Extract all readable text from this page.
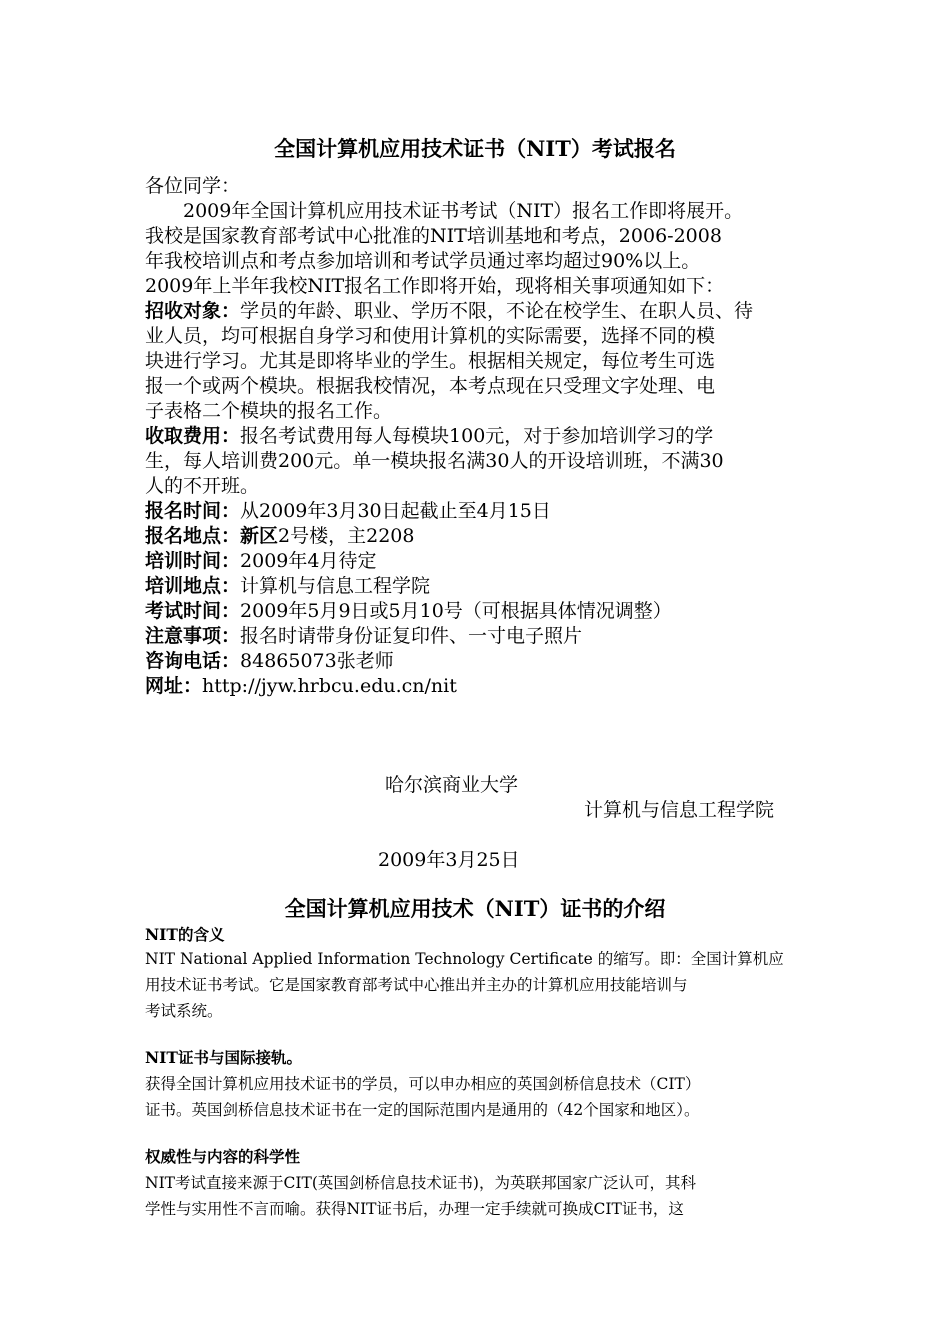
全国计算机应用技术证书（NIT）考试报名
各位同学：
　　2009年全国计算机应用技术证书考试（NIT）报名工作即将展开。
我校是国家教育部考试中心批准的NIT培训基地和考点，2006-2008
年我校培训点和考点参加培训和考试学员通过率均超过90%以上。
2009年上半年我校NIT报名工作即将开始，现将相关事项通知如下：
招收对象：学员的年龄、职业、学历不限，不论在校学生、在职人员、待
业人员，均可根据自身学习和使用计算机的实际需要，选择不同的模
块进行学习。尤其是即将毕业的学生。根据相关规定，每位考生可选
报一个或两个模块。根据我校情况，本考点现在只受理文字处理、电
子表格二个模块的报名工作。
收取费用：报名考试费用每人每模块100元，对于参加培训学习的学
生，每人培训费200元。单一模块报名满30人的开设培训班，不满30
人的不开班。
报名时间：从2009年3月30日起截止至4月15日
报名地点：新区2号楼，主2208
培训时间：2009年4月待定
培训地点：计算机与信息工程学院
考试时间：2009年5月9日或5月10号（可根据具体情况调整）
注意事项：报名时请带身份证复印件、一寸电子照片
咨询电话：84865073张老师
网址：http://jyw.hrbcu.edu.cn/nit
哈尔滨商业大学
计算机与信息工程学院
2009年3月25日
全国计算机应用技术（NIT）证书的介绍
NIT的含义
NIT National Applied Information Technology Certificate 的缩写。即：全国计算机应
用技术证书考试。它是国家教育部考试中心推出并主办的计算机应用技能培训与
考试系统。
NIT证书与国际接轨。
获得全国计算机应用技术证书的学员，可以申办相应的英国剑桥信息技术（CIT）
证书。英国剑桥信息技术证书在一定的国际范围内是通用的（42个国家和地区）。
权威性与内容的科学性
NIT考试直接来源于CIT(英国剑桥信息技术证书)，为英联邦国家广泛认可，其科
学性与实用性不言而喻。获得NIT证书后，办理一定手续就可换成CIT证书，这
